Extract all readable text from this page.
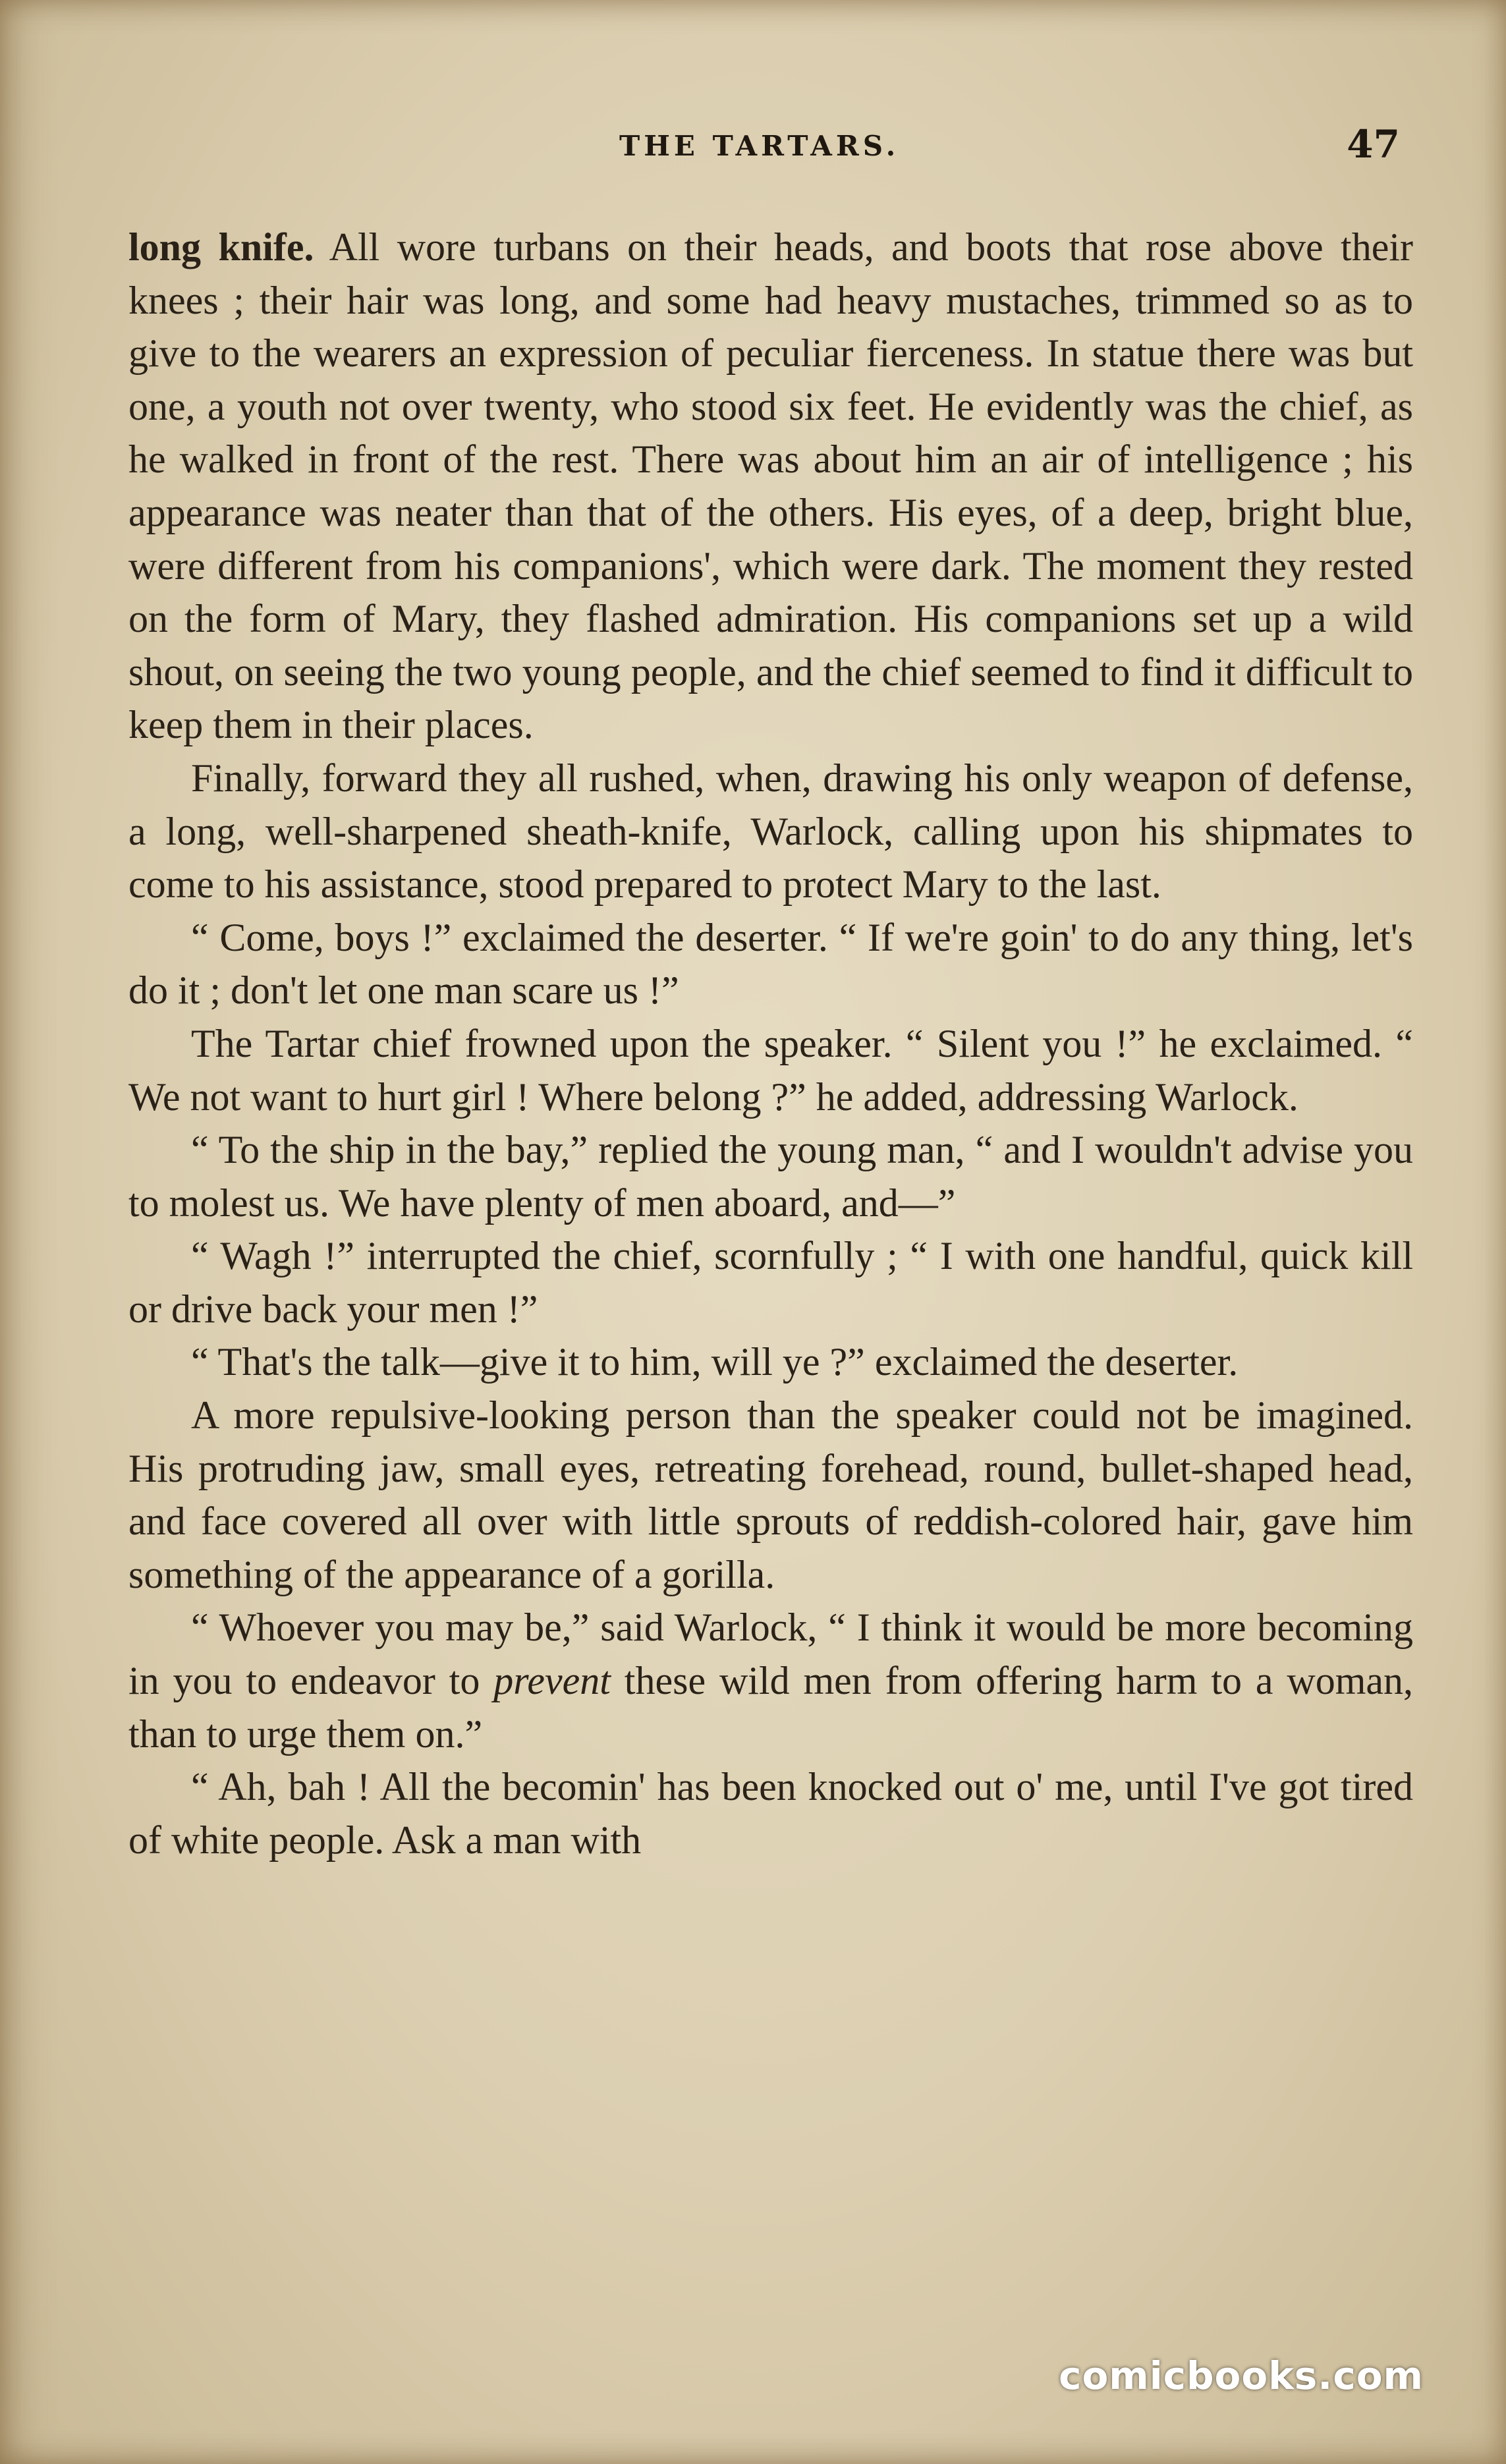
THE TARTARS.	47

long knife. All wore turbans on their heads, and boots that rose above their knees ; their hair was long, and some had heavy mustaches, trimmed so as to give to the wearers an expression of peculiar fierceness. In statue there was but one, a youth not over twenty, who stood six feet. He evidently was the chief, as he walked in front of the rest. There was about him an air of intelligence ; his appearance was neater than that of the others. His eyes, of a deep, bright blue, were different from his companions', which were dark. The moment they rested on the form of Mary, they flashed admiration. His companions set up a wild shout, on seeing the two young people, and the chief seemed to find it difficult to keep them in their places.

Finally, forward they all rushed, when, drawing his only weapon of defense, a long, well-sharpened sheath-knife, Warlock, calling upon his shipmates to come to his assistance, stood prepared to protect Mary to the last.

“ Come, boys !” exclaimed the deserter. “ If we're goin' to do any thing, let's do it ; don't let one man scare us !”

The Tartar chief frowned upon the speaker. “ Silent you !” he exclaimed. “ We not want to hurt girl ! Where belong ?” he added, addressing Warlock.

“ To the ship in the bay,” replied the young man, “ and I wouldn't advise you to molest us. We have plenty of men aboard, and—”

“ Wagh !” interrupted the chief, scornfully ; “ I with one handful, quick kill or drive back your men !”

“ That's the talk—give it to him, will ye ?” exclaimed the deserter.

A more repulsive-looking person than the speaker could not be imagined. His protruding jaw, small eyes, retreating forehead, round, bullet-shaped head, and face covered all over with little sprouts of reddish-colored hair, gave him something of the appearance of a gorilla.

“ Whoever you may be,” said Warlock, “ I think it would be more becoming in you to endeavor to prevent these wild men from offering harm to a woman, than to urge them on.”

“ Ah, bah ! All the becomin' has been knocked out o' me, until I've got tired of white people. Ask a man with

comicbooks.com
